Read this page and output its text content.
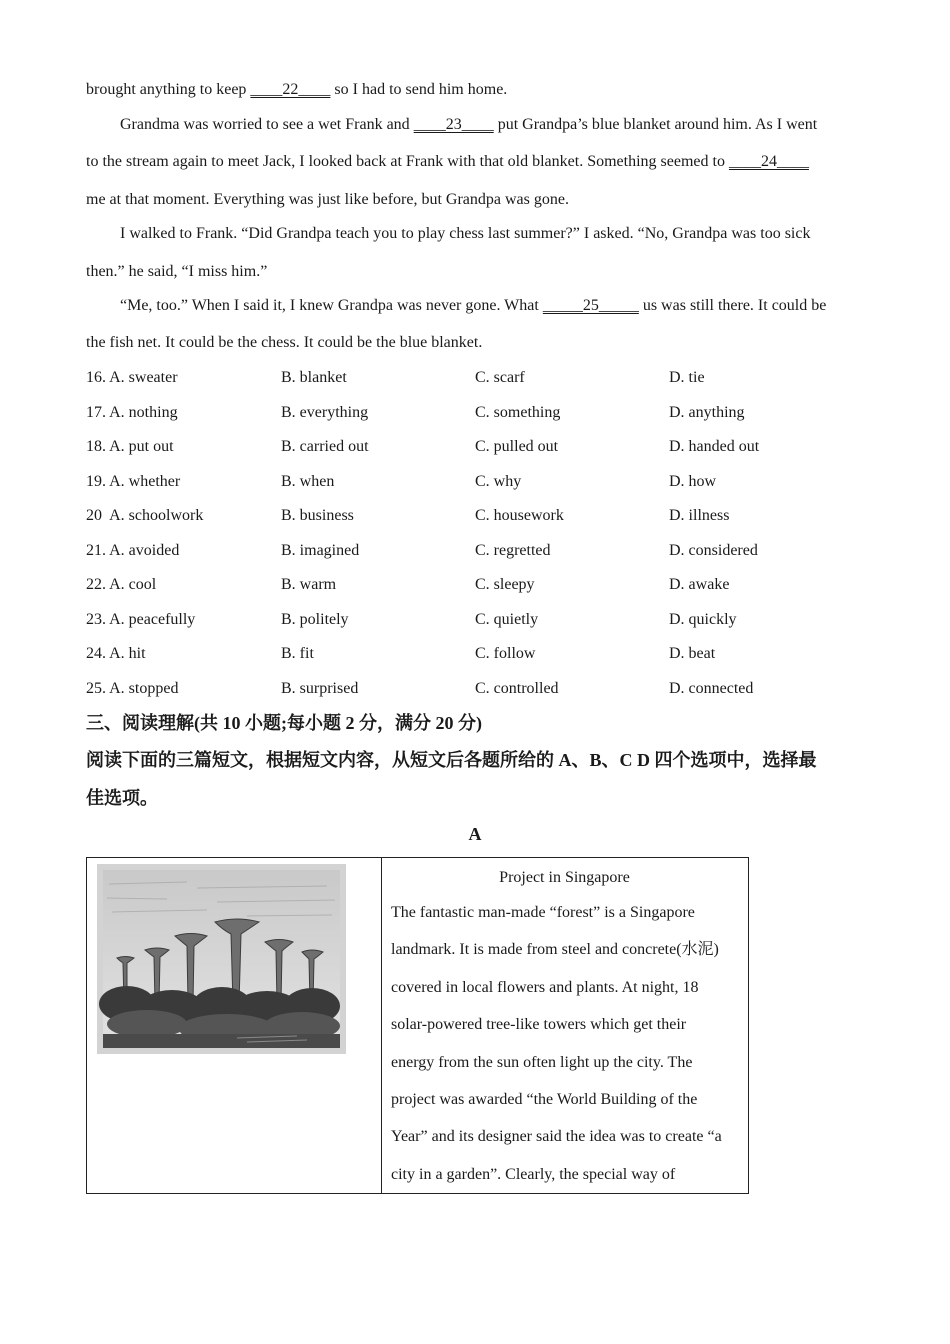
brought anything to keep ____22____ so I had to send him home.
Grandma was worried to see a wet Frank and ____23____ put Grandpa’s blue blanket around him. As I went
to the stream again to meet Jack, I looked back at Frank with that old blanket. Something seemed to ____24____
me at that moment. Everything was just like before, but Grandpa was gone.
I walked to Frank. “Did Grandpa teach you to play chess last summer?” I asked. “No, Grandpa was too sick
then.” he said, “I miss him.”
“Me, too.” When I said it, I knew Grandpa was never gone. What _____25_____ us was still there. It could be
the fish net. It could be the chess. It could be the blue blanket.
16. A. sweater	B. blanket	C. scarf	D. tie
17. A. nothing	B. everything	C. something	D. anything
18. A. put out	B. carried out	C. pulled out	D. handed out
19. A. whether	B. when	C. why	D. how
20  A. schoolwork	B. business	C. housework	D. illness
21. A. avoided	B. imagined	C. regretted	D. considered
22. A. cool	B. warm	C. sleepy	D. awake
23. A. peacefully	B. politely	C. quietly	D. quickly
24. A. hit	B. fit	C. follow	D. beat
25. A. stopped	B. surprised	C. controlled	D. connected
三、阅读理解(共 10 小题;每小题 2 分，满分 20 分)
阅读下面的三篇短文，根据短文内容，从短文后各题所给的 A、B、C D 四个选项中，选择最
佳选项。
A

Project in Singapore
The fantastic man-made “forest” is a Singapore
landmark. It is made from steel and concrete(水泥)
covered in local flowers and plants. At night, 18
solar-powered tree-like towers which get their
energy from the sun often light up the city. The
project was awarded “the World Building of the
Year” and its designer said the idea was to create “a
city in a garden”. Clearly, the special way of
